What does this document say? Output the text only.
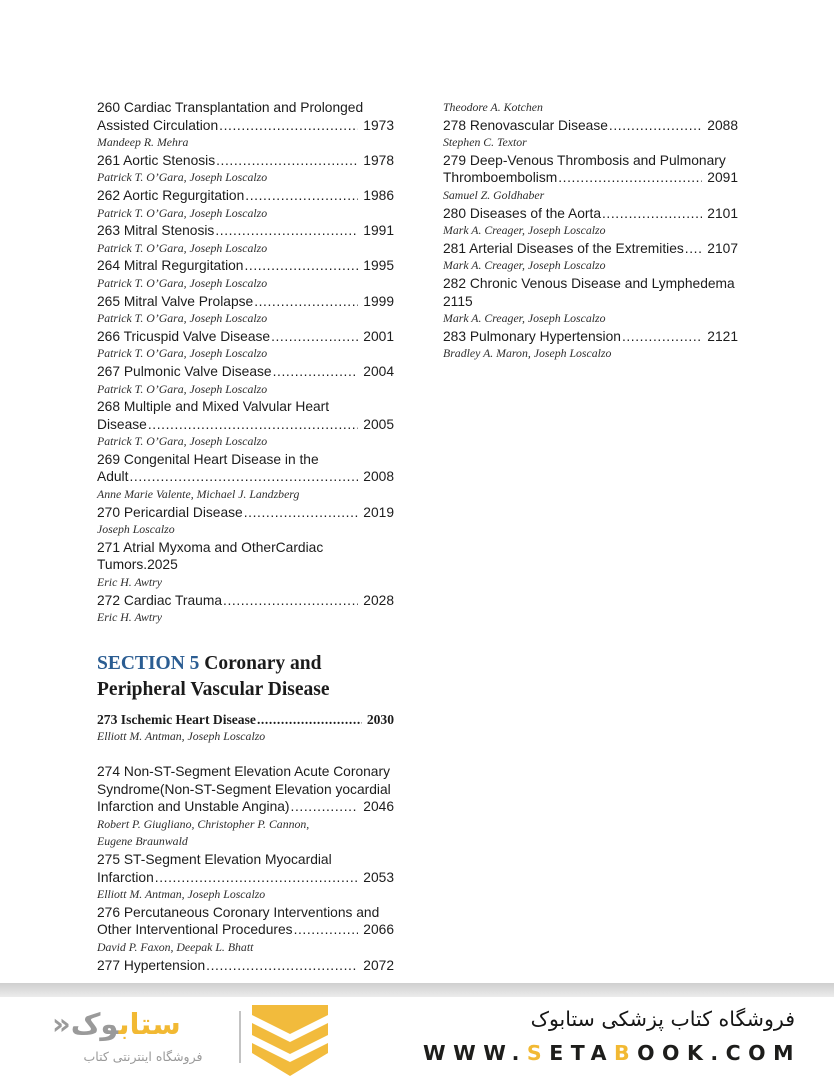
260 Cardiac Transplantation and Prolonged
Assisted Circulation .....	1973
Mandeep R. Mehra
261 Aortic Stenosis .....	1978
Patrick T. O’Gara, Joseph Loscalzo
262 Aortic Regurgitation .....	1986
Patrick T. O’Gara, Joseph Loscalzo
263 Mitral Stenosis .....	1991
Patrick T. O’Gara, Joseph Loscalzo
264 Mitral Regurgitation .....	1995
Patrick T. O’Gara, Joseph Loscalzo
265 Mitral Valve Prolapse .....	1999
Patrick T. O’Gara, Joseph Loscalzo
266 Tricuspid Valve Disease .....	2001
Patrick T. O’Gara, Joseph Loscalzo
267 Pulmonic Valve Disease .....	2004
Patrick T. O’Gara, Joseph Loscalzo
268 Multiple and Mixed Valvular Heart
Disease .....	2005
Patrick T. O’Gara, Joseph Loscalzo
269 Congenital Heart Disease in the
Adult .....	2008
Anne Marie Valente, Michael J. Landzberg
270 Pericardial Disease .....	2019
Joseph Loscalzo
271 Atrial Myxoma and OtherCardiac
Tumors.2025
Eric H. Awtry
272 Cardiac Trauma .....	2028
Eric H. Awtry
SECTION 5 Coronary and
Peripheral Vascular Disease
273 Ischemic Heart Disease .....	2030
Elliott M. Antman, Joseph Loscalzo
274 Non-ST-Segment Elevation Acute Coronary
Syndrome(Non-ST-Segment Elevation yocardial
Infarction and Unstable Angina) .....	2046
Robert P. Giugliano, Christopher P. Cannon,
Eugene Braunwald
275 ST-Segment Elevation Myocardial
Infarction .....	2053
Elliott M. Antman, Joseph Loscalzo
276 Percutaneous Coronary Interventions and
Other Interventional Procedures .....	2066
David P. Faxon, Deepak L. Bhatt
277 Hypertension .....	2072
Theodore A. Kotchen
278 Renovascular Disease .....	2088
Stephen C. Textor
279 Deep-Venous Thrombosis and Pulmonary
Thromboembolism .....	2091
Samuel Z. Goldhaber
280 Diseases of the Aorta .....	2101
Mark A. Creager, Joseph Loscalzo
281 Arterial Diseases of the Extremities ..... 2107
Mark A. Creager, Joseph Loscalzo
282 Chronic Venous Disease and Lymphedema
2115
Mark A. Creager, Joseph Loscalzo
283 Pulmonary Hypertension .....	2121
Bradley A. Maron, Joseph Loscalzo
ستابوک‏«
فروشگاه اینترنتی کتاب
فروشگاه کتاب پزشکی ستابوک
WWW.SETABOOK.COM
